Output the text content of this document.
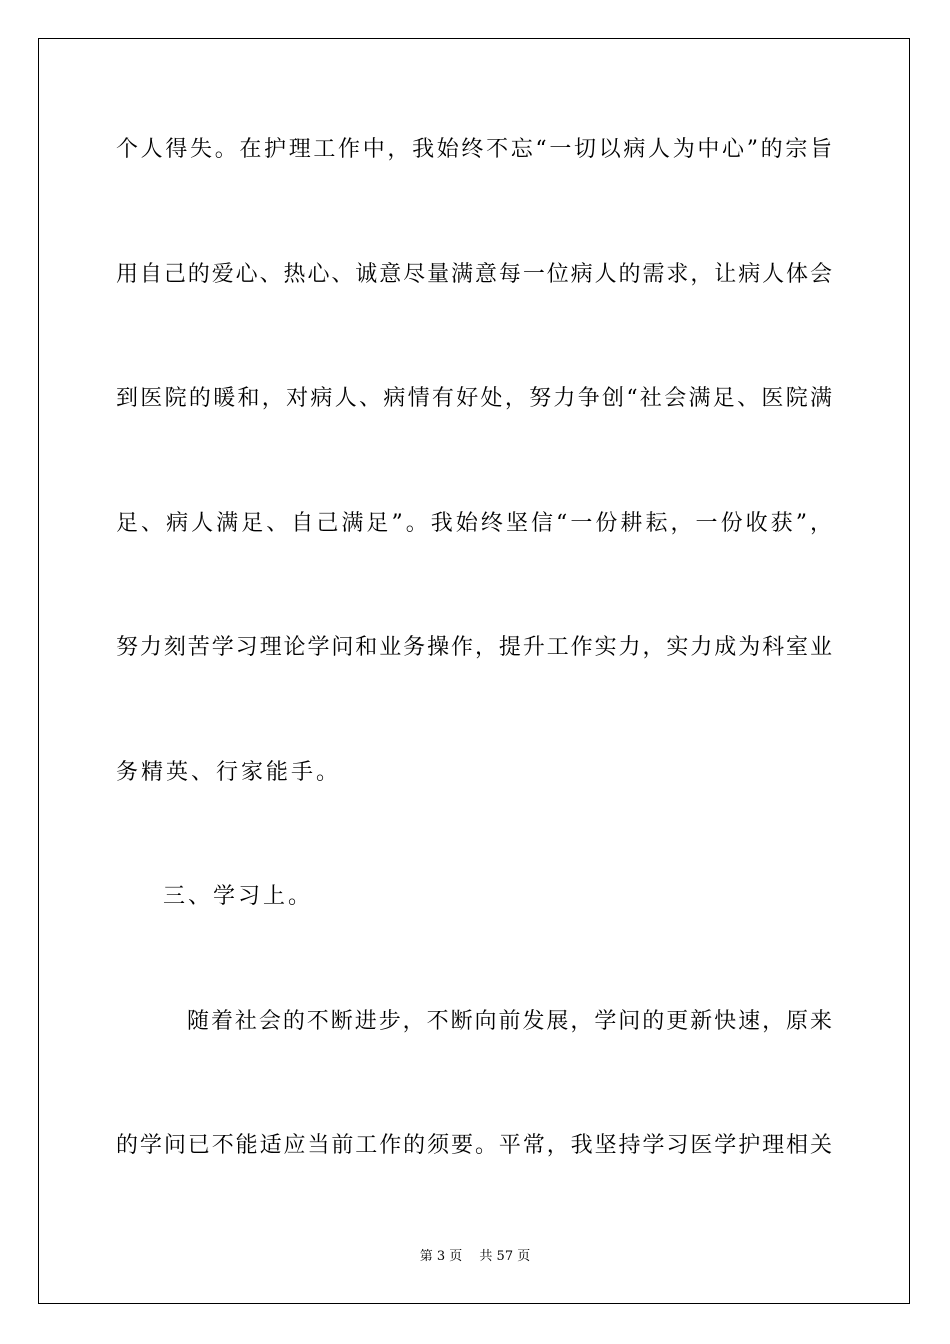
个人得失。在护理工作中，我始终不忘“一切以病人为中心”的宗旨
用自己的爱心、热心、诚意尽量满意每一位病人的需求，让病人体会
到医院的暖和，对病人、病情有好处，努力争创“社会满足、医院满
足、病人满足、自己满足”。我始终坚信“一份耕耘，一份收获”，
努力刻苦学习理论学问和业务操作，提升工作实力，实力成为科室业
务精英、行家能手。
三、学习上。
随着社会的不断进步，不断向前发展，学问的更新快速，原来
的学问已不能适应当前工作的须要。平常，我坚持学习医学护理相关
第 3 页　 共 57 页
